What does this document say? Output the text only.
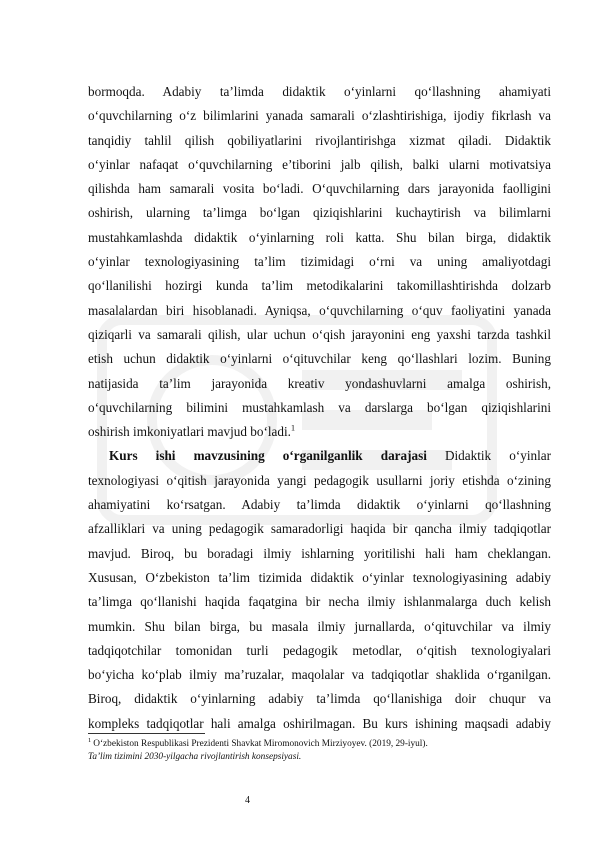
bormoqda. Adabiy ta’limda didaktik o‘yinlarni qo‘llashning ahamiyati
o‘quvchilarning o‘z bilimlarini yanada samarali o‘zlashtirishiga, ijodiy fikrlash va
tanqidiy tahlil qilish qobiliyatlarini rivojlantirishga xizmat qiladi. Didaktik
o‘yinlar nafaqat o‘quvchilarning e’tiborini jalb qilish, balki ularni motivatsiya
qilishda ham samarali vosita bo‘ladi. O‘quvchilarning dars jarayonida faolligini
oshirish, ularning ta’limga bo‘lgan qiziqishlarini kuchaytirish va bilimlarni
mustahkamlashda didaktik o‘yinlarning roli katta. Shu bilan birga, didaktik
o‘yinlar texnologiyasining ta’lim tizimidagi o‘rni va uning amaliyotdagi
qo‘llanilishi hozirgi kunda ta’lim metodikalarini takomillashtirishda dolzarb
masalalardan biri hisoblanadi. Ayniqsa, o‘quvchilarning o‘quv faoliyatini yanada
qiziqarli va samarali qilish, ular uchun o‘qish jarayonini eng yaxshi tarzda tashkil
etish uchun didaktik o‘yinlarni o‘qituvchilar keng qo‘llashlari lozim. Buning
natijasida ta’lim jarayonida kreativ yondashuvlarni amalga oshirish,
o‘quvchilarning bilimini mustahkamlash va darslarga bo‘lgan qiziqishlarini
oshirish imkoniyatlari mavjud bo‘ladi.$^1$
Kurs ishi mavzusining o‘rganilganlik darajasi Didaktik o‘yinlar
texnologiyasi o‘qitish jarayonida yangi pedagogik usullarni joriy etishda o‘zining
ahamiyatini ko‘rsatgan. Adabiy ta’limda didaktik o‘yinlarni qo‘llashning
afzalliklari va uning pedagogik samaradorligi haqida bir qancha ilmiy tadqiqotlar
mavjud. Biroq, bu boradagi ilmiy ishlarning yoritilishi hali ham cheklangan.
Xususan, O‘zbekiston ta’lim tizimida didaktik o‘yinlar texnologiyasining adabiy
ta’limga qo‘llanishi haqida faqatgina bir necha ilmiy ishlanmalarga duch kelish
mumkin. Shu bilan birga, bu masala ilmiy jurnallarda, o‘qituvchilar va ilmiy
tadqiqotchilar tomonidan turli pedagogik metodlar, o‘qitish texnologiyalari
bo‘yicha ko‘plab ilmiy ma’ruzalar, maqolalar va tadqiqotlar shaklida o‘rganilgan.
Biroq, didaktik o‘yinlarning adabiy ta’limda qo‘llanishiga doir chuqur va
kompleks tadqiqotlar hali amalga oshirilmagan. Bu kurs ishining maqsadi adabiy
$^1$ O‘zbekiston Respublikasi Prezidenti Shavkat Miromonovich Mirziyoyev. (2019, 29-iyul).
Ta’lim tizimini 2030-yilgacha rivojlantirish konsepsiyasi.
4
